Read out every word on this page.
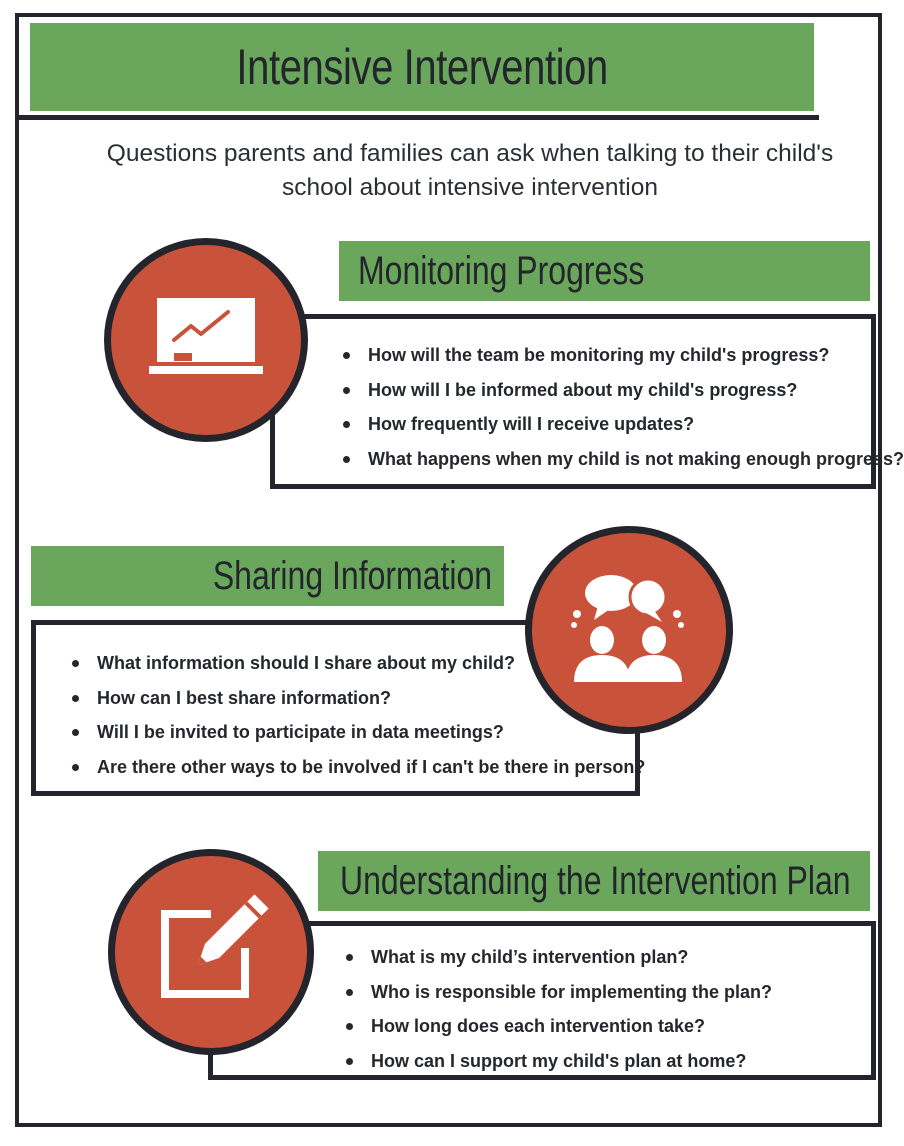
Intensive Intervention
Questions parents and families can ask when talking to their child's school about intensive intervention
Monitoring Progress
How will the team be monitoring my child's progress?
How will I be informed about my child's progress?
How frequently will I receive updates?
What happens when my child is not making enough progress?
Sharing Information
What information should I share about my child?
How can I best share information?
Will I be invited to participate in data meetings?
Are there other ways to be involved if I can't be there in person?
Understanding the Intervention Plan
What is my child’s intervention plan?
Who is responsible for implementing the plan?
How long does each intervention take?
How can I support my child's plan at home?
